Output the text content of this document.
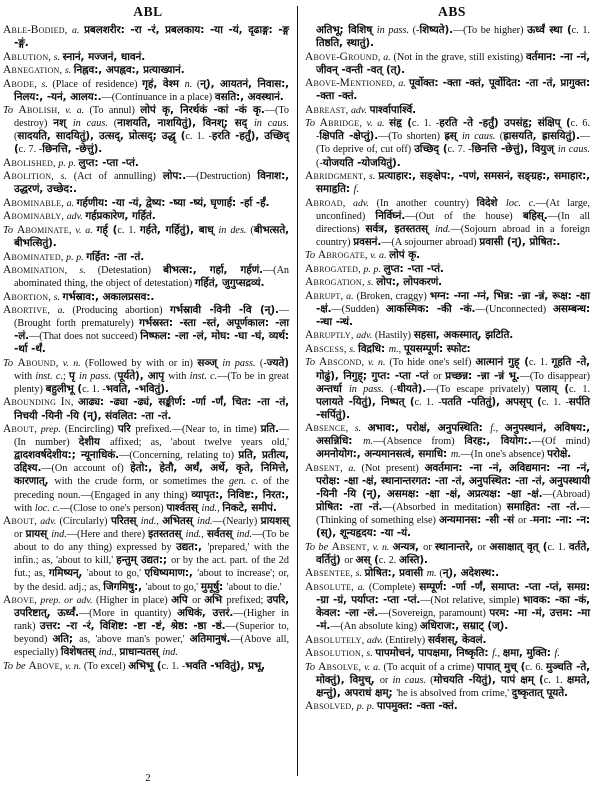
ABL	ABS

Able-Bodied, a. प्रबलशरीर: -रा -रं, प्रबलकाय: -या -यं, दृढाङ्ग: -ङ्ग -ङ्गं.

Ablution, s. स्नानं, मज्जनं, धावनं.

Abnegation, s. निह्नव:, अपह्नव:, प्रत्याख्यानं.

Abode, s. (Place of residence) गृहं, वेश्म n. (न्), आयतनं, निवास:, निलय:, -यनं, आलय:.—(Continuance in a place) वसति:, अवस्थानं.

To Abolish, v. a. (To annul) लोपं कृ, निरर्थकं -कां -कं कृ.—(To destroy) नश् in caus. (नाशयति, नाशयितुं), विनश्; सद् in caus. (सादयति, सादयितुं), उत्सद्, प्रोत्सद्; उद्धृ (c. 1. -हरति -हर्तुं), उच्छिद् (c. 7. -छिनत्ति, -छेत्तुं).

Abolished, p. p. लुप्त: -प्ता -प्तं.

Abolition, s. (Act of annulling) लोप:.—(Destruction) विनाश:, उद्धरणं, उच्छेद:.

Abominable, a. गर्हणीय: -या -यं, द्वेष्य: -ष्या -ष्यं, घृणार्ह: -र्हा -र्हं.

Abominably, adv. गर्हप्रकारेण, गर्हितं.

To Abominate, v. a. गर्ह् (c. 1. गर्हते, गर्हितुं), बाध् in des. (बीभत्सते, बीभत्सितुं).

Abominated, p. p. गर्हित: -ता -तं.

Abomination, s. (Detestation) बीभत्स:, गर्हा, गर्हणं.—(An abominated thing, the object of detestation) गर्हितं, जुगुप्सद्रव्यं.

Abortion, s. गर्भस्राव:, अकालप्रसव:.

Abortive, a. (Producing abortion) गर्भस्रावी -विनी -वि (न्).—(Brought forth prematurely) गर्भस्रस्त: -स्ता -स्तं, अपूर्णकाल: -ला -लं.—(That does not succeed) निष्फल: -ला -लं, मोघ: -घा -घं, व्यर्थ: -र्था -र्थं.

To Abound, v. n. (Followed by with or in) सञ्ज् in pass. (-ज्यते) with inst. c.; पृ in pass. (पूर्यते), आपृ with inst. c.—(To be in great plenty) बहुलीभू (c. 1. -भवति, -भवितुं).

Abounding In, आढ्य: -ढ्या -ढ्यं, सङ्कीर्ण: -र्णा -र्णं, चित: -ता -तं, निचयी -यिनी -यि (न्), संवलित: -ता -तं.

About, prep. (Encircling) परि prefixed.—(Near to, in time) प्रति.—(In number) देशीय affixed; as, 'about twelve years old,' द्वादशवर्षदेशीय:; न्यूनाधिकं.—(Concerning, relating to) प्रति, प्रतीत्य, उद्दिश्य.—(On account of) हेतो:, हेतौ, अर्थं, अर्थे, कृते, निमित्ते, कारणात्, with the crude form, or sometimes the gen. c. of the preceding noun.—(Engaged in any thing) व्यापृत:, निविष्ट:, निरत:, with loc. c.—(Close to one's person) पार्श्वतस् ind., निकटे, समीपं.

About, adv. (Circularly) परितस् ind., अभितस् ind.—(Nearly) प्रायशस् or प्रायस् ind.—(Here and there) इतस्ततस् ind., सर्वतस् ind.—(To be about to do any thing) expressed by उद्यत:, 'prepared,' with the infin.; as, 'about to kill,' हन्तुम् उद्यत:; or by the act. part. of the 2d fut.; as, गमिष्यन्, 'about to go,' एधिष्यमाण:, 'about to increase'; or, by the desid. adj.; as, जिगमिषु:, 'about to go,' मुमूर्षु: 'about to die.'

Above, prep. or adv. (Higher in place) अपि or अभि prefixed; उपरि, उपरिष्टात्, ऊर्ध्वं.—(More in quantity) अधिकं, उत्तरं.—(Higher in rank) उत्तर: -रा -रं, विशिष्ट: -ष्टा -ष्टं, श्रेष्ठ: -ष्ठा -ष्ठं.—(Superior to, beyond) अति; as, 'above man's power,' अतिमानुषं.—(Above all, especially) विशेषतस् ind., प्राधान्यतस् ind.

To be Above, v. n. (To excel) अभिभू (c. 1. -भवति -भवितुं), प्रभू,

अतिभू; विशिष् in pass. (-शिष्यते).—(To be higher) ऊर्ध्वं स्था (c. 1. तिष्ठति, स्थातुं).

Above-Ground, a. (Not in the grave, still existing) वर्तमान: -ना -नं, जीवन् -वन्ती -वत् (त्).

Above-Mentioned, a. पूर्वोक्त: -क्ता -क्तं, पूर्वोदित: -ता -तं, प्रागुक्त: -क्ता -क्तं.

Abreast, adv. पार्श्वापार्श्वि.

To Abridge, v. a. संहृ (c. 1. -हरति -ते -हर्तुं) उपसंहृ; संक्षिप् (c. 6. -क्षिपति -क्षेप्तुं).—(To shorten) ह्रस् in caus. (ह्रासयति, ह्रासयितुं).—(To deprive of, cut off) उच्छिद् (c. 7. -छिनत्ति -छेत्तुं), वियुज् in caus. (-योजयति -योजयितुं).

Abridgment, s. प्रत्याहार:, सङ्क्षेप:, -पणं, समसनं, सङ्ग्रह:, समाहार:, समाहृति: f.

Abroad, adv. (In another country) विदेशे loc. c.—(At large, unconfined) निर्विघ्नं.—(Out of the house) बहिस्.—(In all directions) सर्वत्र, इतस्ततस् ind.—(Sojourn abroad in a foreign country) प्रवसनं.—(A sojourner abroad) प्रवासी (न्), प्रोषित:.

To Abrogate, v. a. लोपं कृ.

Abrogated, p. p. लुप्त: -प्ता -प्तं.

Abrogation, s. लोप:, लोपकरणं.

Abrupt, a. (Broken, craggy) भग्न: -ग्ना -ग्नं, भिन्न: -न्ना -न्नं, रूक्ष: -क्षा -क्षं.—(Sudden) आकस्मिक: -की -कं.—(Unconnected) असम्बन्ध: -न्धा -न्धं.

Abruptly, adv. (Hastily) सहसा, अकस्मात्, झटिति.

Abscess, s. विद्रधि: m., पूयसम्पूर्ण: स्फोट:

To Abscond, v. n. (To hide one's self) आत्मानं गुह् (c. 1. गूहति -ते, गोढुं), निगुह्; गुप्त: -प्ता -प्तं or प्रच्छन्न: -न्ना -न्नं भू.—(To disappear) अन्तर्धा in pass. (-धीयते).—(To escape privately) पलाय् (c. 1. पलायते -यितुं), निष्पत् (c. 1. -पतति -पतितुं), अपसृप् (c. 1. -सर्पति -सर्पितुं).

Absence, s. अभाव:, परोक्षं, अनुपस्थिति: f., अनुपस्थानं, अविषय:, असन्निधि: m.—(Absence from) विरह:, वियोग:.—(Of mind) अमनोयोग:, अन्यमानसत्वं, समाधि: m.—(In one's absence) परोक्षे.

Absent, a. (Not present) अवर्तमान: -ना -नं, अविद्यमान: -ना -नं, परोक्ष: -क्षा -क्षं, स्थानान्तरगत: -ता -तं, अनुपस्थित: -ता -तं, अनुपस्थायी -यिनी -यि (न्), असमक्ष: -क्षा -क्षं, अप्रत्यक्ष: -क्षा -क्षं.—(Abroad) प्रोषित: -ता -तं.—(Absorbed in meditation) समाहित: -ता -तं.—(Thinking of something else) अन्यमानस: -सी -सं or -मना: -ना: -न: (स्), शून्यहृदय: -या -यं.

To be Absent, v. n. अन्यत्र, or स्थानान्तरे, or असाक्षात् वृत् (c. 1. वर्तते, वर्तितुं) or अस् (c. 2. अस्ति).

Absentee, s. प्रोषित:, प्रवासी m. (न्), अदेशस्थ:.

Absolute, a. (Complete) सम्पूर्ण: -र्णा -र्णं, समाप्त: -प्ता -प्तं, समग्र: -ग्रा -ग्रं, पर्याप्त: -प्ता -प्तं.—(Not relative, simple) भावक: -का -कं, केवल: -ला -लं.—(Sovereign, paramount) परम: -मा -मं, उत्तम: -मा -मं.—(An absolute king) अधिराज:, सम्राट् (ज्).

Absolutely, adv. (Entirely) सर्वशस्, केवलं.

Absolution, s. पापमोचनं, पापक्षमा, निष्कृति: f., क्षमा, मुक्ति: f.

To Absolve, v. a. (To acquit of a crime) पापात् मुच् (c. 6. मुञ्चति -ते, मोक्तुं), विमुच्, or in caus. (मोचयति -यितुं), पापं क्षम् (c. 1. क्षमते, क्षन्तुं), अपराधं क्षम्; 'he is absolved from crime,' दुष्कृतात् पूयते.

Absolved, p. p. पापमुक्त: -क्ता -क्तं.

2
